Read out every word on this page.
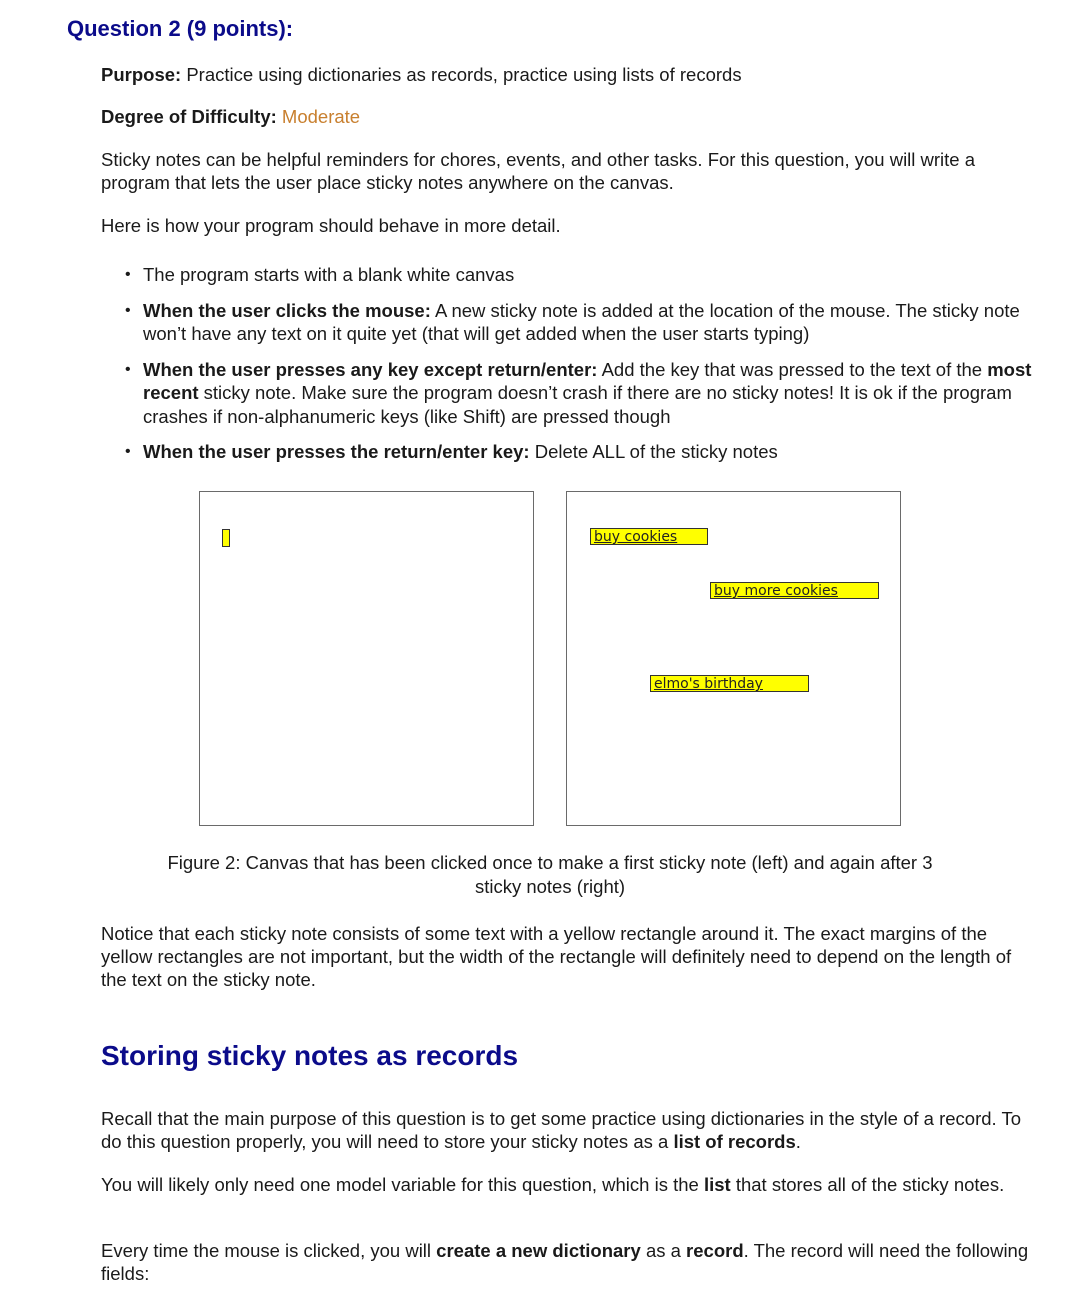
Question 2 (9 points):

Purpose: Practice using dictionaries as records, practice using lists of records

Degree of Difficulty: Moderate

Sticky notes can be helpful reminders for chores, events, and other tasks. For this question, you will write a program that lets the user place sticky notes anywhere on the canvas.

Here is how your program should behave in more detail.

• The program starts with a blank white canvas
• When the user clicks the mouse: A new sticky note is added at the location of the mouse. The sticky note won’t have any text on it quite yet (that will get added when the user starts typing)
• When the user presses any key except return/enter: Add the key that was pressed to the text of the most recent sticky note. Make sure the program doesn’t crash if there are no sticky notes! It is ok if the program crashes if non-alphanumeric keys (like Shift) are pressed though
• When the user presses the return/enter key: Delete ALL of the sticky notes
buy cookies
buy more cookies
elmo's birthday

Figure 2: Canvas that has been clicked once to make a first sticky note (left) and again after 3
sticky notes (right)

Notice that each sticky note consists of some text with a yellow rectangle around it. The exact margins of the yellow rectangles are not important, but the width of the rectangle will definitely need to depend on the length of the text on the sticky note.

Storing sticky notes as records

Recall that the main purpose of this question is to get some practice using dictionaries in the style of a record. To do this question properly, you will need to store your sticky notes as a list of records.

You will likely only need one model variable for this question, which is the list that stores all of the sticky notes.

Every time the mouse is clicked, you will create a new dictionary as a record. The record will need the following fields:
